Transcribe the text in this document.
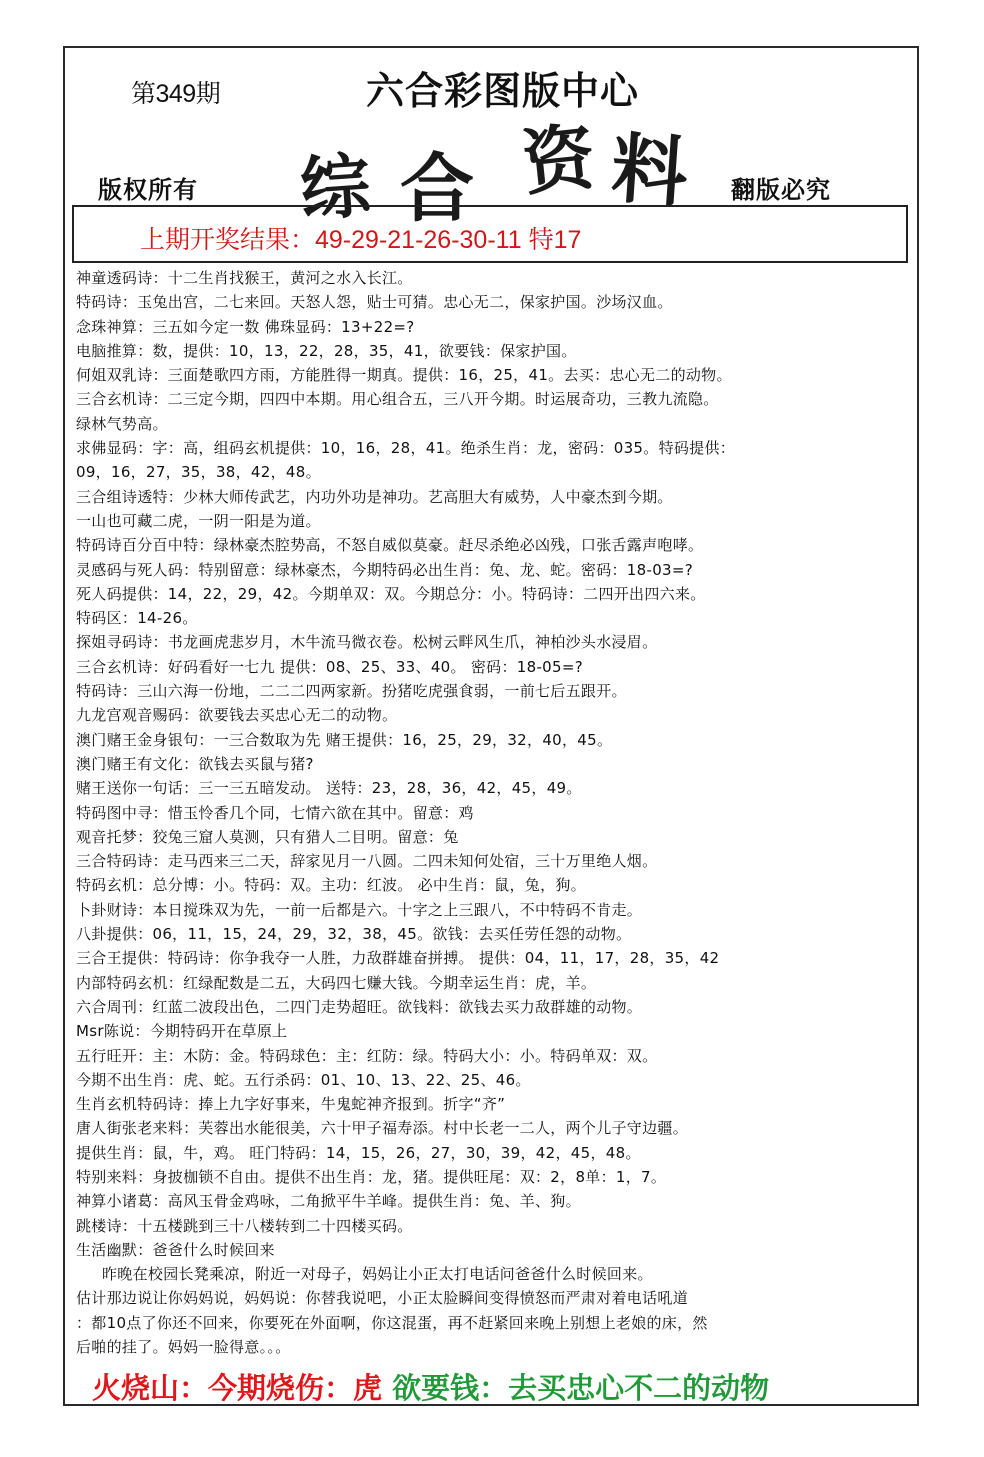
第349期	六合彩图版中心
综 合 资 料
版权所有	翻版必究
上期开奖结果：49-29-21-26-30-11 特17
神童透码诗：十二生肖找猴王，黄河之水入长江。
特码诗：玉兔出宫，二七来回。天怒人怨，贴士可猜。忠心无二，保家护国。沙场汉血。
念珠神算：三五如今定一数 佛珠显码：13+22=?
电脑推算：数，提供：10，13，22，28，35，41，欲要钱：保家护国。
何姐双乳诗：三面楚歌四方雨，方能胜得一期真。提供：16，25，41。去买：忠心无二的动物。
三合玄机诗：二三定今期，四四中本期。用心组合五，三八开今期。时运展奇功，三教九流隐。
绿林气势高。
求佛显码：字：高，组码玄机提供：10，16，28，41。绝杀生肖：龙，密码：035。特码提供：
09，16，27，35，38，42，48。
三合组诗透特：少林大师传武艺，内功外功是神功。艺高胆大有威势，人中豪杰到今期。
一山也可藏二虎，一阴一阳是为道。
特码诗百分百中特：绿林豪杰腔势高，不怒自威似莫豪。赶尽杀绝必凶残，口张舌露声咆哮。
灵感码与死人码：特别留意：绿林豪杰，今期特码必出生肖：兔、龙、蛇。密码：18-03=?
死人码提供：14，22，29，42。今期单双：双。今期总分：小。特码诗：二四开出四六来。
特码区：14-26。
探姐寻码诗：书龙画虎悲岁月，木牛流马微衣卷。松树云畔风生爪，神柏沙头水浸眉。
三合玄机诗：好码看好一七九 提供：08、25、33、40。 密码：18-05=?
特码诗：三山六海一份地，二二二四两家新。扮猪吃虎强食弱，一前七后五跟开。
九龙宫观音赐码：欲要钱去买忠心无二的动物。
澳门赌王金身银句：一三合数取为先 赌王提供：16，25，29，32，40，45。
澳门赌王有文化：欲钱去买鼠与猪?
赌王送你一句话：三一三五暗发动。 送特：23，28，36，42，45，49。
特码图中寻：惜玉怜香几个同，七情六欲在其中。留意：鸡
观音托梦：狡兔三窟人莫测，只有猎人二目明。留意：兔
三合特码诗：走马西来三二天，辞家见月一八圆。二四未知何处宿，三十万里绝人烟。
特码玄机：总分博：小。特码：双。主功：红波。 必中生肖：鼠，兔，狗。
卜卦财诗：本日搅珠双为先，一前一后都是六。十字之上三跟八，不中特码不肯走。
八卦提供：06，11，15，24，29，32，38，45。欲钱：去买任劳任怨的动物。
三合王提供：特码诗：你争我夺一人胜，力敌群雄奋拼搏。 提供：04，11，17，28，35，42
内部特码玄机：红绿配数是二五，大码四七赚大钱。今期幸运生肖：虎，羊。
六合周刊：红蓝二波段出色，二四门走势超旺。欲钱料：欲钱去买力敌群雄的动物。
Msr陈说：今期特码开在草原上
五行旺开：主：木防：金。特码球色：主：红防：绿。特码大小：小。特码单双：双。
今期不出生肖：虎、蛇。五行杀码：01、10、13、22、25、46。
生肖玄机特码诗：捧上九字好事来，牛鬼蛇神齐报到。折字“齐”
唐人街张老来料：芙蓉出水能很美，六十甲子福寿添。村中长老一二人，两个儿子守边疆。
提供生肖：鼠，牛，鸡。 旺门特码：14，15，26，27，30，39，42，45，48。
特别来料：身披枷锁不自由。提供不出生肖：龙，猪。提供旺尾：双：2，8单：1，7。
神算小诸葛：高风玉骨金鸡咏，二角掀平牛羊峰。提供生肖：兔、羊、狗。
跳楼诗：十五楼跳到三十八楼转到二十四楼买码。
生活幽默：爸爸什么时候回来
昨晚在校园长凳乘凉，附近一对母子，妈妈让小正太打电话问爸爸什么时候回来。
估计那边说让你妈妈说，妈妈说：你替我说吧，小正太脸瞬间变得愤怒而严肃对着电话吼道
：都10点了你还不回来，你要死在外面啊，你这混蛋，再不赶紧回来晚上别想上老娘的床，然
后啪的挂了。妈妈一脸得意。。。
火烧山：今期烧伤：虎 欲要钱：去买忠心不二的动物
